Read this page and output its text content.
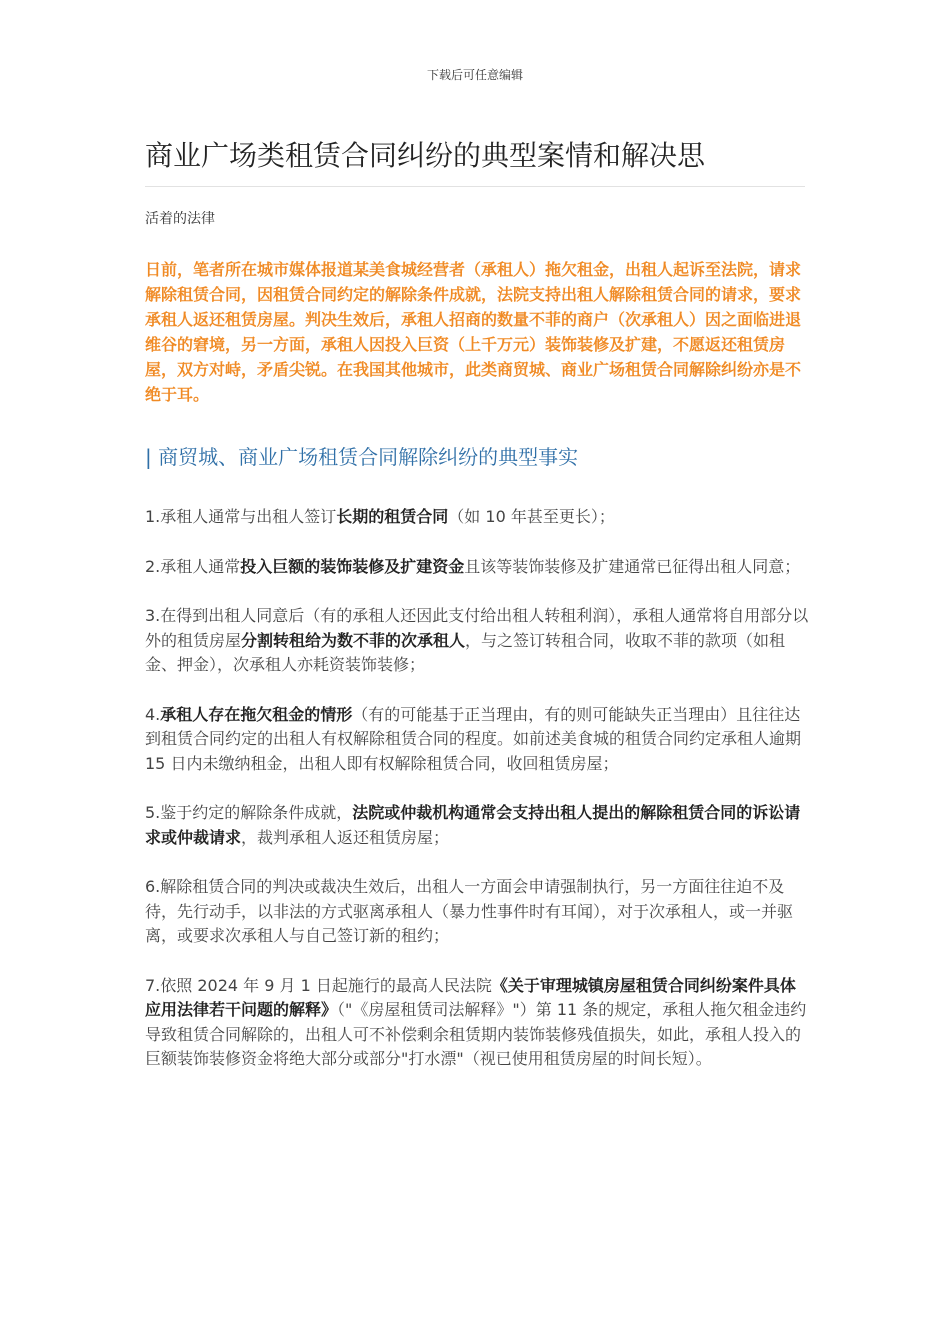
下载后可任意编辑
商业广场类租赁合同纠纷的典型案情和解决思
活着的法律

日前，笔者所在城市媒体报道某美食城经营者（承租人）拖欠租金，出租人起诉至法院，请求解除租赁合同，因租赁合同约定的解除条件成就，法院支持出租人解除租赁合同的请求，要求承租人返还租赁房屋。判决生效后，承租人招商的数量不菲的商户（次承租人）因之面临进退维谷的窘境，另一方面，承租人因投入巨资（上千万元）装饰装修及扩建，不愿返还租赁房屋，双方对峙，矛盾尖锐。在我国其他城市，此类商贸城、商业广场租赁合同解除纠纷亦是不绝于耳。

| 商贸城、商业广场租赁合同解除纠纷的典型事实

1.承租人通常与出租人签订长期的租赁合同（如 10 年甚至更长）；

2.承租人通常投入巨额的装饰装修及扩建资金且该等装饰装修及扩建通常已征得出租人同意；

3.在得到出租人同意后（有的承租人还因此支付给出租人转租利润），承租人通常将自用部分以外的租赁房屋分割转租给为数不菲的次承租人，与之签订转租合同，收取不菲的款项（如租金、押金），次承租人亦耗资装饰装修；

4.承租人存在拖欠租金的情形（有的可能基于正当理由，有的则可能缺失正当理由）且往往达到租赁合同约定的出租人有权解除租赁合同的程度。如前述美食城的租赁合同约定承租人逾期 15 日内未缴纳租金，出租人即有权解除租赁合同，收回租赁房屋；

5.鉴于约定的解除条件成就，法院或仲裁机构通常会支持出租人提出的解除租赁合同的诉讼请求或仲裁请求，裁判承租人返还租赁房屋；

6.解除租赁合同的判决或裁决生效后，出租人一方面会申请强制执行，另一方面往往迫不及待，先行动手，以非法的方式驱离承租人（暴力性事件时有耳闻），对于次承租人，或一并驱离，或要求次承租人与自己签订新的租约；

7.依照 2024 年 9 月 1 日起施行的最高人民法院《关于审理城镇房屋租赁合同纠纷案件具体应用法律若干问题的解释》（"《房屋租赁司法解释》"）第 11 条的规定，承租人拖欠租金违约导致租赁合同解除的，出租人可不补偿剩余租赁期内装饰装修残值损失，如此，承租人投入的巨额装饰装修资金将绝大部分或部分"打水漂"（视已使用租赁房屋的时间长短）。
